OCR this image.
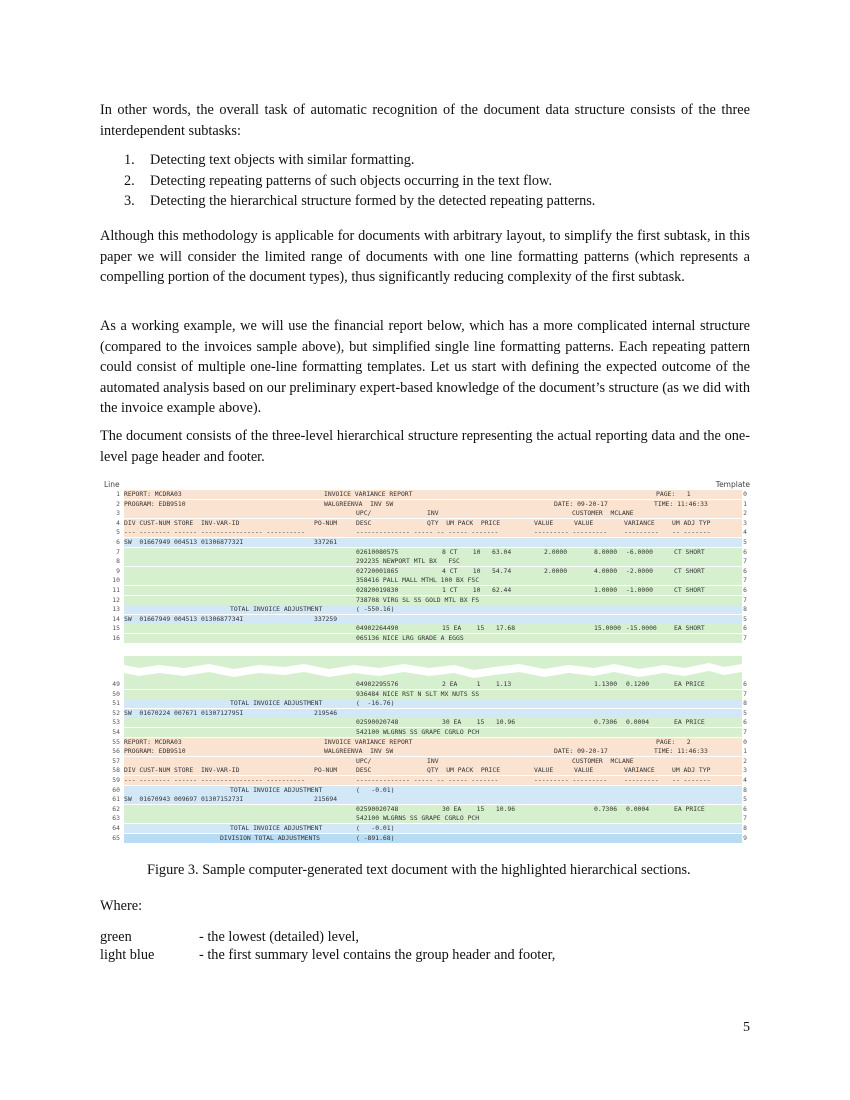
In other words, the overall task of automatic recognition of the document data structure consists of the three interdependent subtasks:
1. Detecting text objects with similar formatting.
2. Detecting repeating patterns of such objects occurring in the text flow.
3. Detecting the hierarchical structure formed by the detected repeating patterns.
Although this methodology is applicable for documents with arbitrary layout, to simplify the first subtask, in this paper we will consider the limited range of documents with one line formatting patterns (which represents a compelling portion of the document types), thus significantly reducing complexity of the first subtask.
As a working example, we will use the financial report below, which has a more complicated internal structure (compared to the invoices sample above), but simplified single line formatting patterns. Each repeating pattern could consist of multiple one-line formatting templates. Let us start with defining the expected outcome of the automated analysis based on our preliminary expert-based knowledge of the document’s structure (as we did with the invoice example above).
The document consists of the three-level hierarchical structure representing the actual reporting data and the one-level page header and footer.
Line	Template
1 REPORT: MCDRA03	INVOICE VARIANCE REPORT	PAGE:   1	0
2 PROGRAM: EDB9510	WALGREENVA  INV SW	DATE: 09-20-17	TIME: 11:46:33	1
3	UPC/	INV	CUSTOMER  MCLANE	2
4 DIV CUST-NUM STORE  INV-VAR-ID	PO-NUM	DESC	QTY  UM PACK  PRICE	VALUE	VALUE	VARIANCE	UM ADJ TYP	3
5 --- -------- ------ ---------------- ----------	-------------- ----- -- ----- -------	--------- ---------	--------- -- -------	4
6 SW  01667949 004513 0130687732I	337261	5
7	02610080575	8 CT    10   63.04	2.0000	8.0000 -6.0000	CT SHORT	6
8	292235 NEWPORT MTL BX   FSC	7
9	02720001865	4 CT    10   54.74	2.0000	4.0000 -2.0000	CT SHORT	6
10	358416 PALL MALL MTHL 100 BX FSC	7
11	02820019830	1 CT    10   62.44	1.0000 -1.0000	CT SHORT	6
12	738708 VIRG SL SS GOLD MTL BX FS	7
13	TOTAL INVOICE ADJUSTMENT	( -550.16)	8
14 SW  01667949 004513 0130687734I	337259	5
15	04902264490	15 EA    15   17.68	15.0000 -15.0000	EA SHORT	6
16	065136 NICE LRG GRADE A EGGS	7
49	04902295576	2 EA     1    1.13	1.1300 0.1200	EA PRICE	6
50	936484 NICE RST N SLT MX NUTS SS	7
51	TOTAL INVOICE ADJUSTMENT	(  -16.76)	8
52 SW  01670224 007671 0130712795I	219546	5
53	02590020748	30 EA    15   10.96	0.7306 0.0004	EA PRICE	6
54	542100 WLGRNS SS GRAPE CGRLO PCH	7
55 REPORT: MCDRA03	INVOICE VARIANCE REPORT	PAGE:   2	0
56 PROGRAM: EDB9510	WALGREENVA  INV SW	DATE: 09-20-17	TIME: 11:46:33	1
57	UPC/	INV	CUSTOMER  MCLANE	2
58 DIV CUST-NUM STORE  INV-VAR-ID	PO-NUM	DESC	QTY  UM PACK  PRICE	VALUE	VALUE	VARIANCE	UM ADJ TYP	3
59 --- -------- ------ ---------------- ----------	-------------- ----- -- ----- -------	--------- ---------	--------- -- -------	4
60	TOTAL INVOICE ADJUSTMENT	(   -0.01)	8
61 SW  01670943 009697 0130715273I	215694	5
62	02590020748	30 EA    15   10.96	0.7306 0.0004	EA PRICE	6
63	542100 WLGRNS SS GRAPE CGRLO PCH	7
64	TOTAL INVOICE ADJUSTMENT	(   -0.01)	8
65	DIVISION TOTAL ADJUSTMENTS	( -891.68)	9
Figure 3. Sample computer-generated text document with the highlighted hierarchical sections.
Where:
green	- the lowest (detailed) level,
light blue	- the first summary level contains the group header and footer,
5
